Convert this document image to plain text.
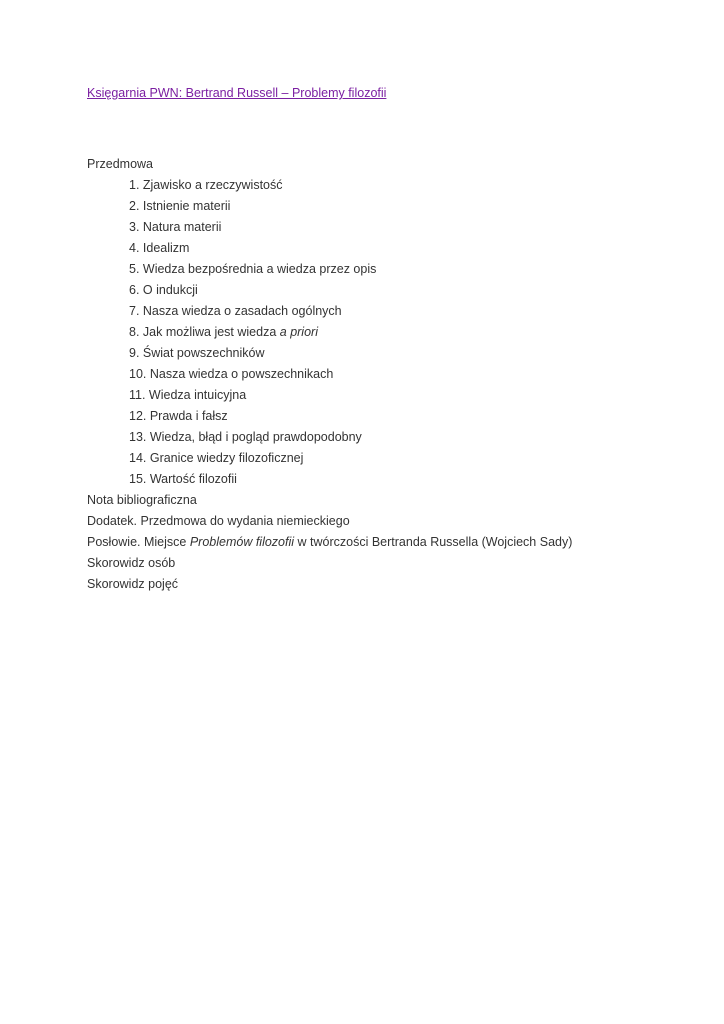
Księgarnia PWN: Bertrand Russell – Problemy filozofii
Przedmowa
1. Zjawisko a rzeczywistość
2. Istnienie materii
3. Natura materii
4. Idealizm
5. Wiedza bezpośrednia a wiedza przez opis
6. O indukcji
7. Nasza wiedza o zasadach ogólnych
8. Jak możliwa jest wiedza a priori
9. Świat powszechników
10. Nasza wiedza o powszechnikach
11. Wiedza intuicyjna
12. Prawda i fałsz
13. Wiedza, błąd i pogląd prawdopodobny
14. Granice wiedzy filozoficznej
15. Wartość filozofii
Nota bibliograficzna
Dodatek. Przedmowa do wydania niemieckiego
Posłowie. Miejsce Problemów filozofii w twórczości Bertranda Russella (Wojciech Sady)
Skorowidz osób
Skorowidz pojęć
